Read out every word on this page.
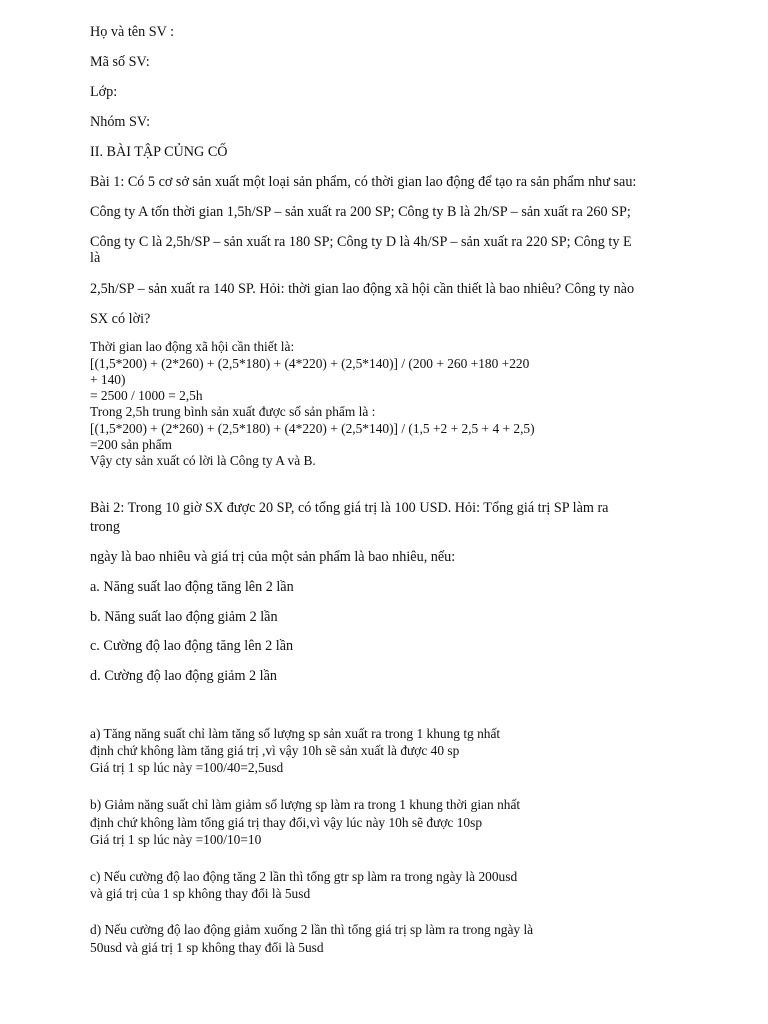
Họ và tên SV :

Mã số SV:

Lớp:

Nhóm SV:

II. BÀI TẬP CỦNG CỐ

Bài 1: Có 5 cơ sở sản xuất một loại sản phẩm, có thời gian lao động để tạo ra sản phẩm như sau:

Công ty A tốn thời gian 1,5h/SP – sản xuất ra 200 SP; Công ty B là 2h/SP – sản xuất ra 260 SP;

Công ty C là 2,5h/SP – sản xuất ra 180 SP; Công ty D là 4h/SP – sản xuất ra 220 SP; Công ty E

là

2,5h/SP – sản xuất ra 140 SP. Hỏi: thời gian lao động xã hội cần thiết là bao nhiêu? Công ty nào

SX có lời?

Thời gian lao động xã hội cần thiết là:

[(1,5*200) + (2*260) + (2,5*180) + (4*220) + (2,5*140)] / (200 + 260 +180 +220

+ 140)

= 2500 / 1000 = 2,5h

Trong 2,5h trung bình sản xuất được số sản phẩm là :

[(1,5*200) + (2*260) + (2,5*180) + (4*220) + (2,5*140)] / (1,5 +2 + 2,5 + 4 + 2,5)

=200 sản phẩm

Vậy cty sản xuất có lời là Công ty A và B.

Bài 2: Trong 10 giờ SX được 20 SP, có tổng giá trị là 100 USD. Hỏi: Tổng giá trị SP làm ra

trong

ngày là bao nhiêu và giá trị của một sản phẩm là bao nhiêu, nếu:

a. Năng suất lao động tăng lên 2 lần

b. Năng suất lao động giảm 2 lần

c. Cường độ lao động tăng lên 2 lần

d. Cường độ lao động giảm 2 lần

a) Tăng năng suất chỉ làm tăng số lượng sp sản xuất ra trong 1 khung tg nhất

định chứ không làm tăng giá trị ,vì vậy 10h sẽ sản xuất là được 40 sp

Giá trị 1 sp lúc này =100/40=2,5usd

b) Giảm năng suất chỉ làm giảm số lượng sp làm ra trong 1 khung thời gian nhất

định chứ không làm tổng giá trị thay đổi,vì vậy lúc này 10h sẽ được 10sp

Giá trị 1 sp lúc này =100/10=10

c) Nếu cường độ lao động tăng 2 lần thì tổng gtr sp làm ra trong ngày là 200usd

và giá trị của 1 sp không thay đổi là 5usd

d) Nếu cường độ lao động giảm xuống 2 lần thì tổng giá trị sp làm ra trong ngày là

50usd và giá trị 1 sp không thay đổi là 5usd
